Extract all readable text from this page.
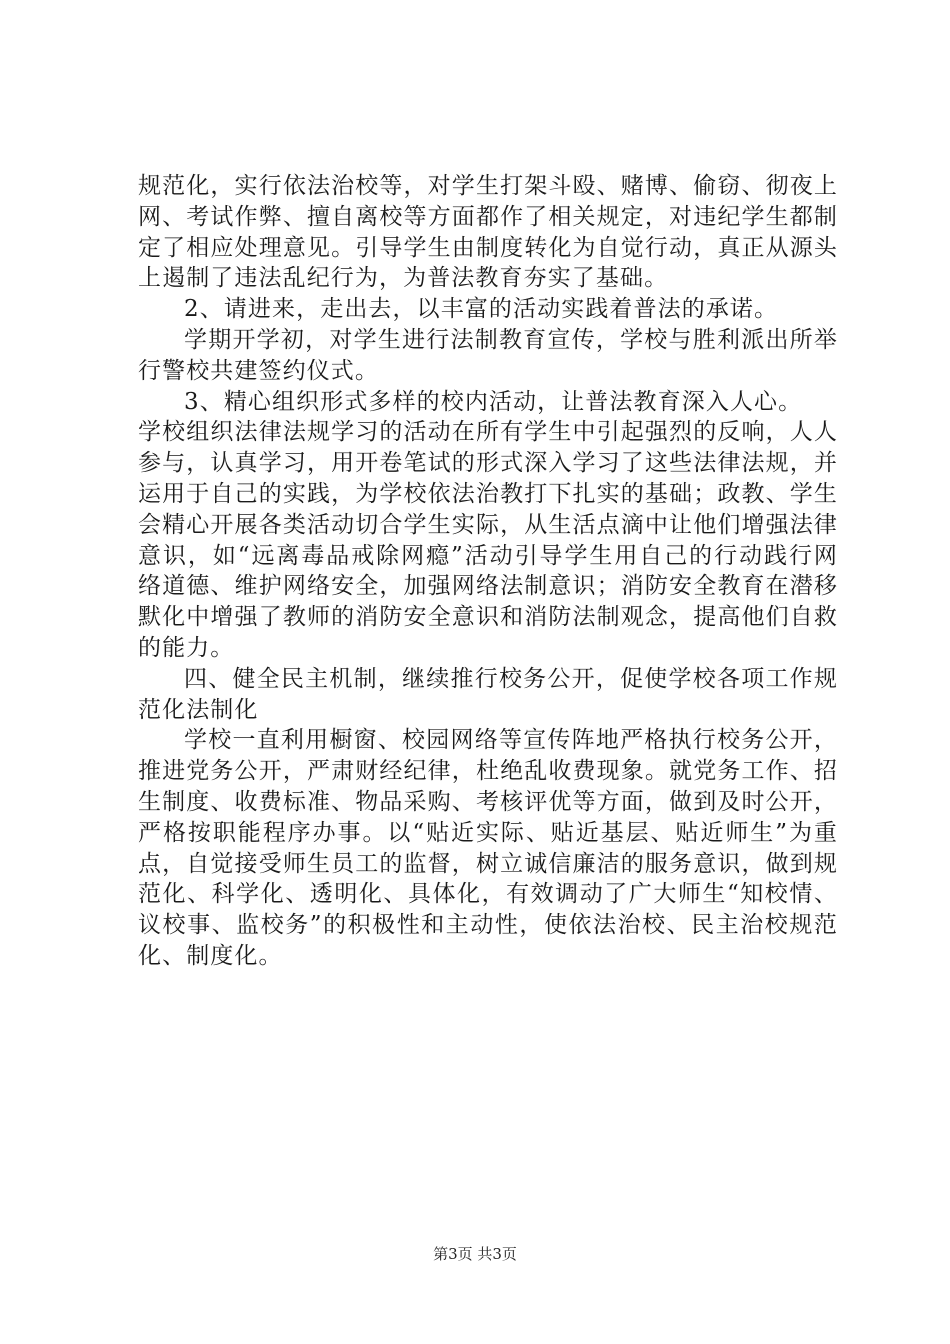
规范化，实行依法治校等，对学生打架斗殴、赌博、偷窃、彻夜上网、考试作弊、擅自离校等方面都作了相关规定，对违纪学生都制定了相应处理意见。引导学生由制度转化为自觉行动，真正从源头上遏制了违法乱纪行为，为普法教育夯实了基础。

2、请进来，走出去，以丰富的活动实践着普法的承诺。

学期开学初，对学生进行法制教育宣传，学校与胜利派出所举行警校共建签约仪式。

3、精心组织形式多样的校内活动，让普法教育深入人心。

学校组织法律法规学习的活动在所有学生中引起强烈的反响，人人参与，认真学习，用开卷笔试的形式深入学习了这些法律法规，并运用于自己的实践，为学校依法治教打下扎实的基础；政教、学生会精心开展各类活动切合学生实际，从生活点滴中让他们增强法律意识，如“远离毒品戒除网瘾”活动引导学生用自己的行动践行网络道德、维护网络安全，加强网络法制意识；消防安全教育在潜移默化中增强了教师的消防安全意识和消防法制观念，提高他们自救的能力。

四、健全民主机制，继续推行校务公开，促使学校各项工作规范化法制化

学校一直利用橱窗、校园网络等宣传阵地严格执行校务公开，推进党务公开，严肃财经纪律，杜绝乱收费现象。就党务工作、招生制度、收费标准、物品采购、考核评优等方面，做到及时公开，严格按职能程序办事。以“贴近实际、贴近基层、贴近师生”为重点，自觉接受师生员工的监督，树立诚信廉洁的服务意识，做到规范化、科学化、透明化、具体化，有效调动了广大师生“知校情、议校事、监校务”的积极性和主动性，使依法治校、民主治校规范化、制度化。

第3页 共3页
